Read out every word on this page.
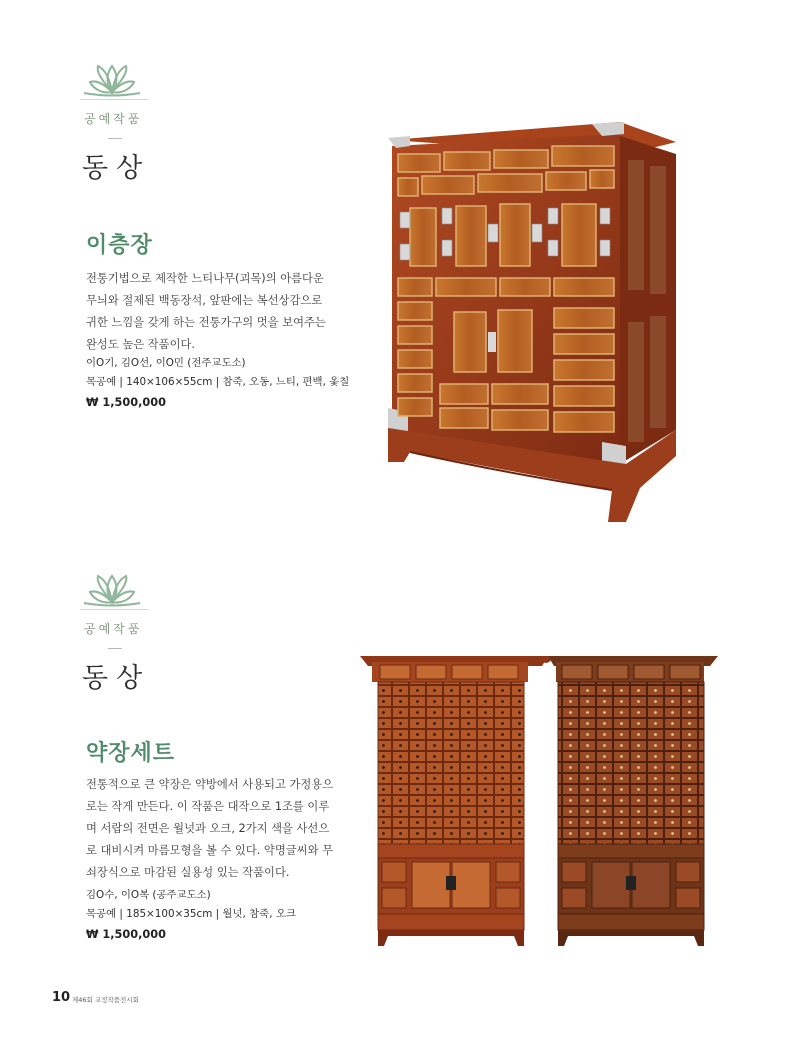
공예작품
동상
이층장

전통기법으로 제작한 느티나무(괴목)의 아름다운

무늬와 절제된 백동장석, 앞판에는 복선상감으로

귀한 느낌을 갖게 하는 전통가구의 멋을 보여주는

완성도 높은 작품이다.

이O기, 김O선, 이O민 (전주교도소)
목공예 | 140×106×55cm | 참죽, 오동, 느티, 편백, 옻칠
₩ 1,500,000
공예작품
동상
약장세트

전통적으로 큰 약장은 약방에서 사용되고 가정용으

로는 작게 만든다. 이 작품은 대작으로 1조를 이루

며 서랍의 전면은 월넛과 오크, 2가지 색을 사선으

로 대비시켜 마름모형을 볼 수 있다. 약명글씨와 무

쇠장식으로 마감된 실용성 있는 작품이다.

김O수, 이O복 (공주교도소)
목공예 | 185×100×35cm | 월넛, 참죽, 오크
₩ 1,500,000
10 제46회 교정작품전시회
